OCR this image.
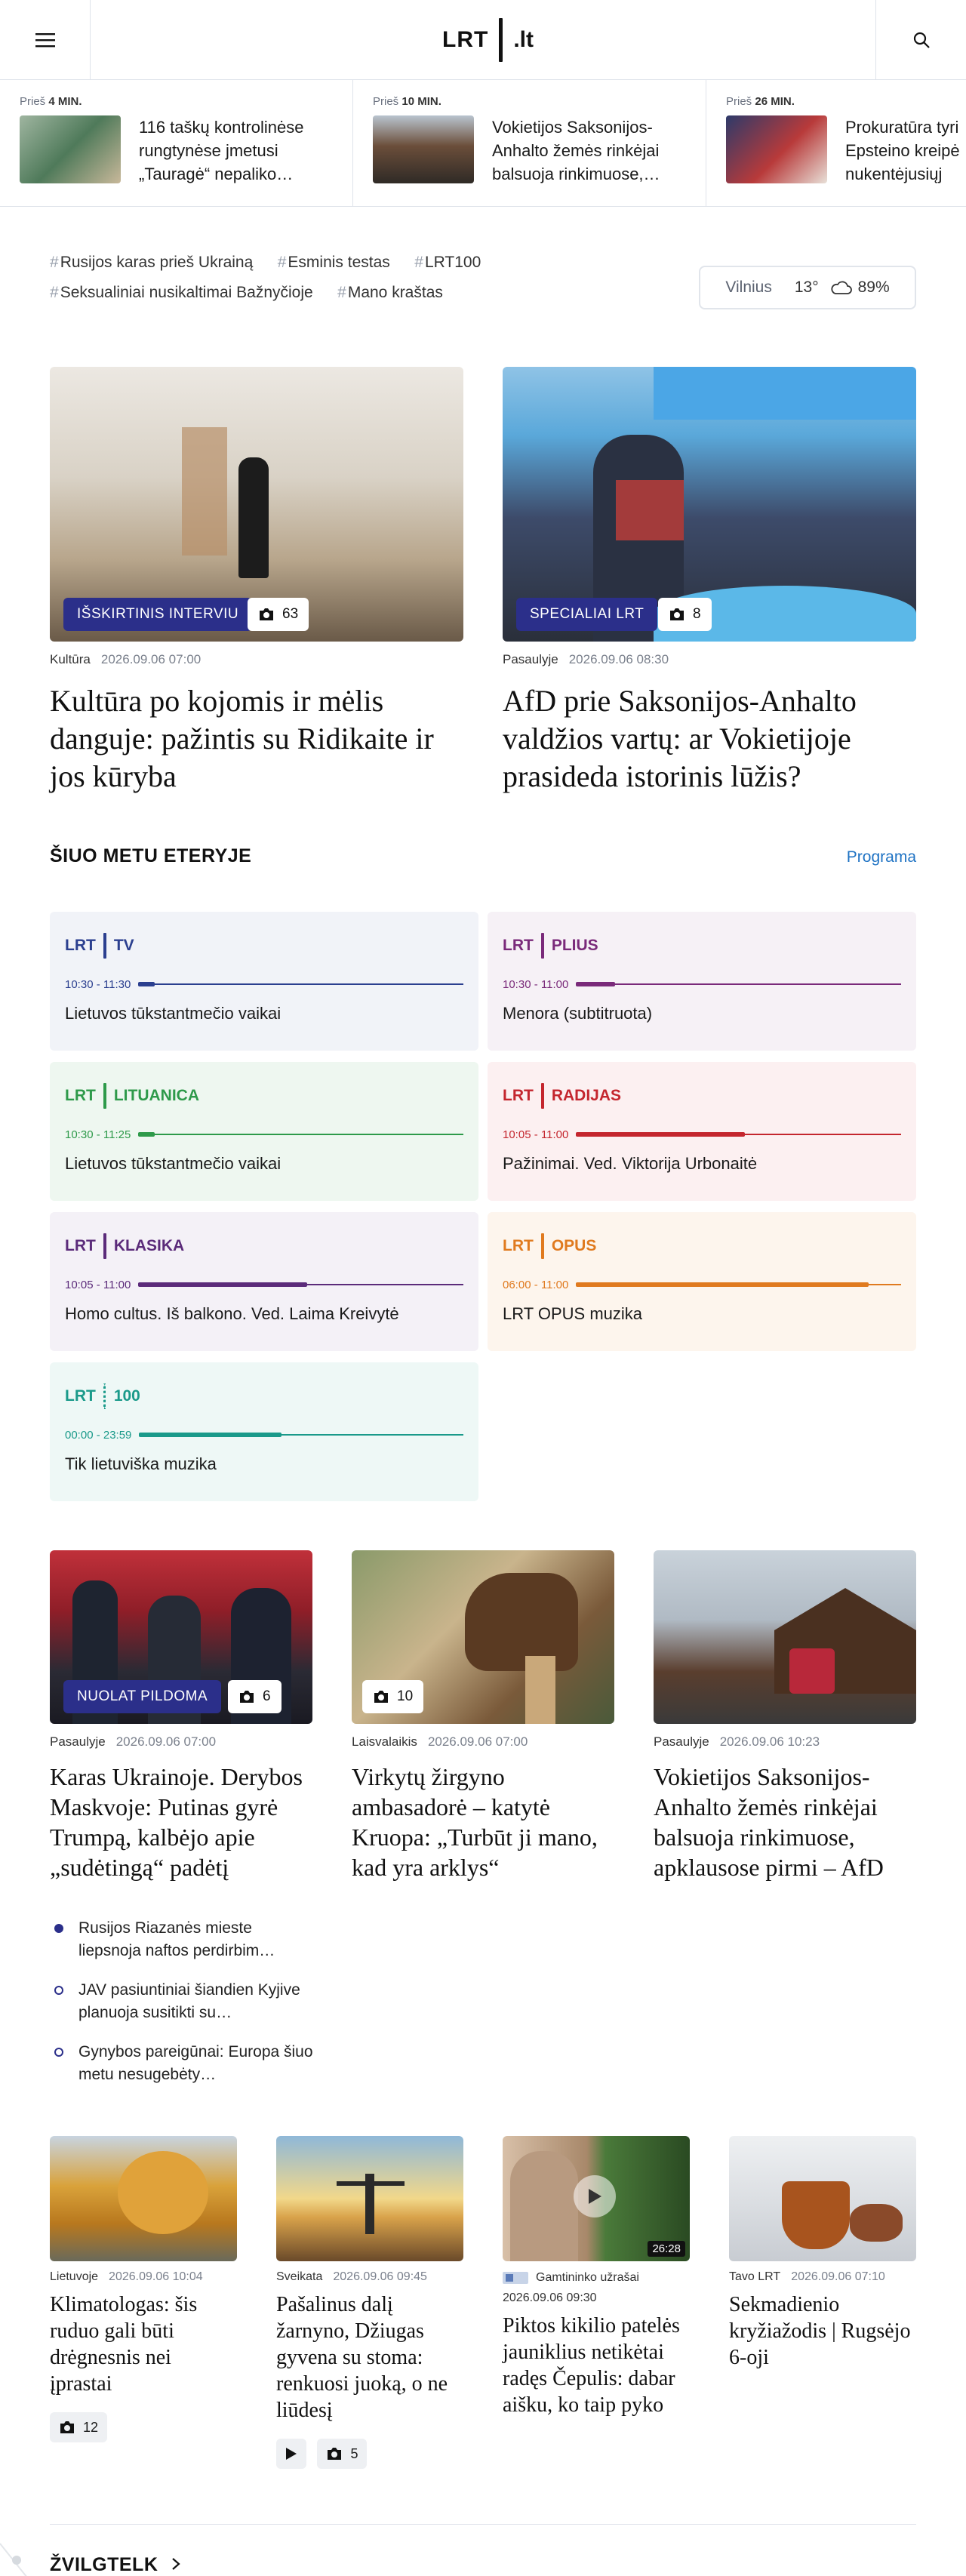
LRT .lt
Prieš 4 MIN.
116 taškų kontrolinėse rungtynėse jmetusi „Tauragė“ nepaliko…
Prieš 10 MIN.
Vokietijos Saksonijos-Anhalto žemės rinkėjai balsuoja rinkimuose,…
Prieš 26 MIN.
Prokuratūra tyri Epsteino kreipė nukentėjusiųj
#Rusijos karas prieš Ukrainą #Esminis testas #LRT100
#Seksualiniai nusikaltimai Bažnyčioje #Mano kraštas	Vilnius 13° 89%
IŠSKIRTINIS INTERVIU	63
Kultūra 2026.09.06 07:00
Kultūra po kojomis ir mėlis danguje: pažintis su Ridikaite ir jos kūryba
SPECIALIAI LRT	8
Pasaulyje 2026.09.06 08:30
AfD prie Saksonijos-Anhalto valdžios vartų: ar Vokietijoje prasideda istorinis lūžis?
ŠIUO METU ETERYJE	Programa
LRT TV
10:30 - 11:30
Lietuvos tūkstantmečio vaikai
LRT PLIUS
10:30 - 11:00
Menora (subtitruota)
LRT LITUANICA
10:30 - 11:25
Lietuvos tūkstantmečio vaikai
LRT RADIJAS
10:05 - 11:00
Pažinimai. Ved. Viktorija Urbonaitė
LRT KLASIKA
10:05 - 11:00
Homo cultus. Iš balkono. Ved. Laima Kreivytė
LRT OPUS
06:00 - 11:00
LRT OPUS muzika
LRT 100
00:00 - 23:59
Tik lietuviška muzika
NUOLAT PILDOMA	6
Pasaulyje 2026.09.06 07:00
Karas Ukrainoje. Derybos Maskvoje: Putinas gyrė Trumpą, kalbėjo apie „sudėtingą“ padėtį
Rusijos Riazanės mieste liepsnoja naftos perdirbim…
JAV pasiuntiniai šiandien Kyjive planuoja susitikti su…
Gynybos pareigūnai: Europa šiuo metu nesugebėty…
10
Laisvalaikis 2026.09.06 07:00
Virkytų žirgyno ambasadorė – katytė Kruopa: „Turbūt ji mano, kad yra arklys“
Pasaulyje 2026.09.06 10:23
Vokietijos Saksonijos-Anhalto žemės rinkėjai balsuoja rinkimuose, apklausose pirmi – AfD
Lietuvoje 2026.09.06 10:04
Klimatologas: šis ruduo gali būti drėgnesnis nei įprastai
12
Sveikata 2026.09.06 09:45
Pašalinus dalį žarnyno, Džiugas gyvena su stoma: renkuosi juoką, o ne liūdesį

5
26:28
Gamtininko užrašai
2026.09.06 09:30
Piktos kikilio patelės jauniklius netikėtai radęs Čepulis: dabar aišku, ko taip pyko
Tavo LRT 2026.09.06 07:10
Sekmadienio kryžiažodis | Rugsėjo 6-oji
ŽVILGTELK
